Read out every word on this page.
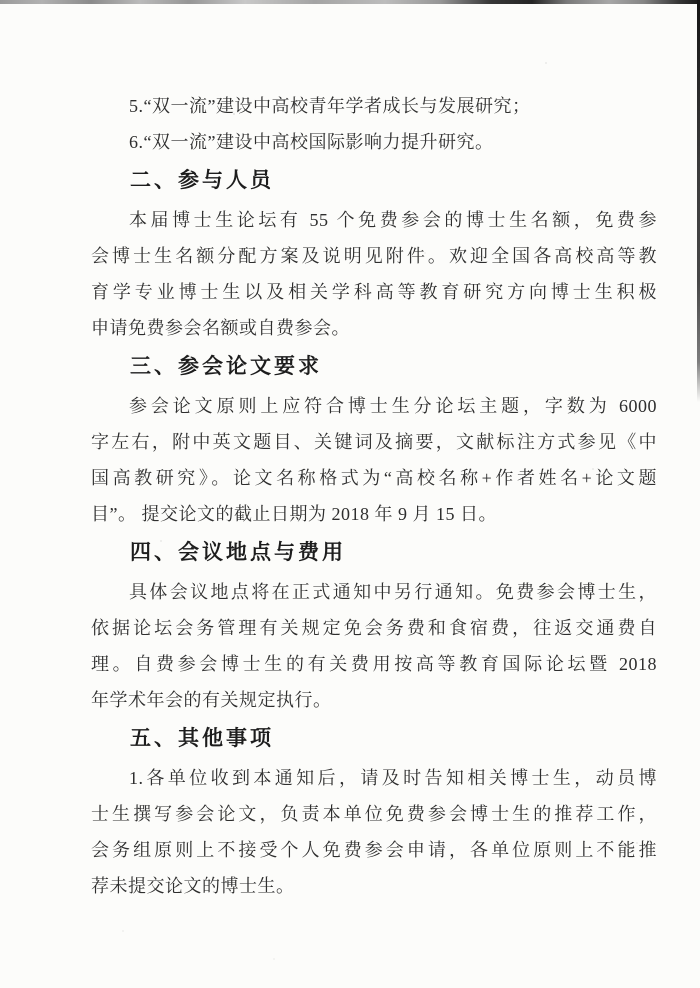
5.“双一流”建设中高校青年学者成长与发展研究；
6.“双一流”建设中高校国际影响力提升研究。
二、参与人员
本届博士生论坛有 55 个免费参会的博士生名额，免费参
会博士生名额分配方案及说明见附件。欢迎全国各高校高等教
育学专业博士生以及相关学科高等教育研究方向博士生积极
申请免费参会名额或自费参会。
三、参会论文要求
参会论文原则上应符合博士生分论坛主题，字数为 6000
字左右，附中英文题目、关键词及摘要，文献标注方式参见《中
国高教研究》。论文名称格式为“高校名称+作者姓名+论文题
目”。 提交论文的截止日期为 2018 年 9 月 15 日。
四、会议地点与费用
具体会议地点将在正式通知中另行通知。免费参会博士生，
依据论坛会务管理有关规定免会务费和食宿费，往返交通费自
理。自费参会博士生的有关费用按高等教育国际论坛暨 2018
年学术年会的有关规定执行。
五、其他事项
1.各单位收到本通知后，请及时告知相关博士生，动员博
士生撰写参会论文，负责本单位免费参会博士生的推荐工作，
会务组原则上不接受个人免费参会申请，各单位原则上不能推
荐未提交论文的博士生。
